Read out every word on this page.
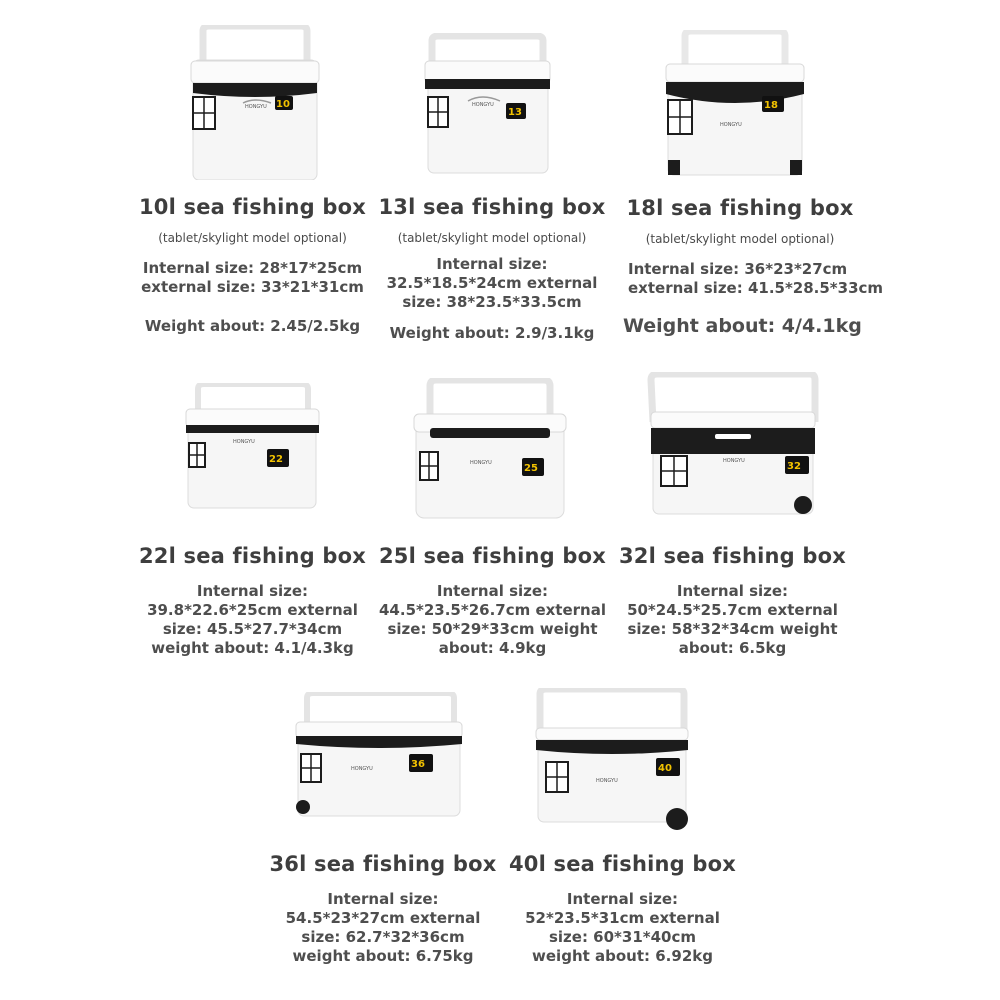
HONGYU 10
10l sea fishing box
(tablet/skylight model optional)
Internal size: 28*17*25cm
external size: 33*21*31cm
Weight about: 2.45/2.5kg
HONGYU
13
13l sea fishing box
(tablet/skylight model optional)
Internal size:
32.5*18.5*24cm external
size: 38*23.5*33.5cm
Weight about: 2.9/3.1kg
18
HONGYU
18l sea fishing box
(tablet/skylight model optional)
Internal size: 36*23*27cm
external size: 41.5*28.5*33cm
Weight about: 4/4.1kg
HONGYU
22
22l sea fishing box
Internal size:
39.8*22.6*25cm external
size: 45.5*27.7*34cm
weight about: 4.1/4.3kg
HONGYU	25
25l sea fishing box
Internal size:
44.5*23.5*26.7cm external
size: 50*29*33cm weight
about: 4.9kg
HONGYU	32
32l sea fishing box
Internal size:
50*24.5*25.7cm external
size: 58*32*34cm weight
about: 6.5kg
HONGYU	36
36l sea fishing box
Internal size:
54.5*23*27cm external
size: 62.7*32*36cm
weight about: 6.75kg
HONGYU
40
40l sea fishing box
Internal size:
52*23.5*31cm external
size: 60*31*40cm
weight about: 6.92kg
